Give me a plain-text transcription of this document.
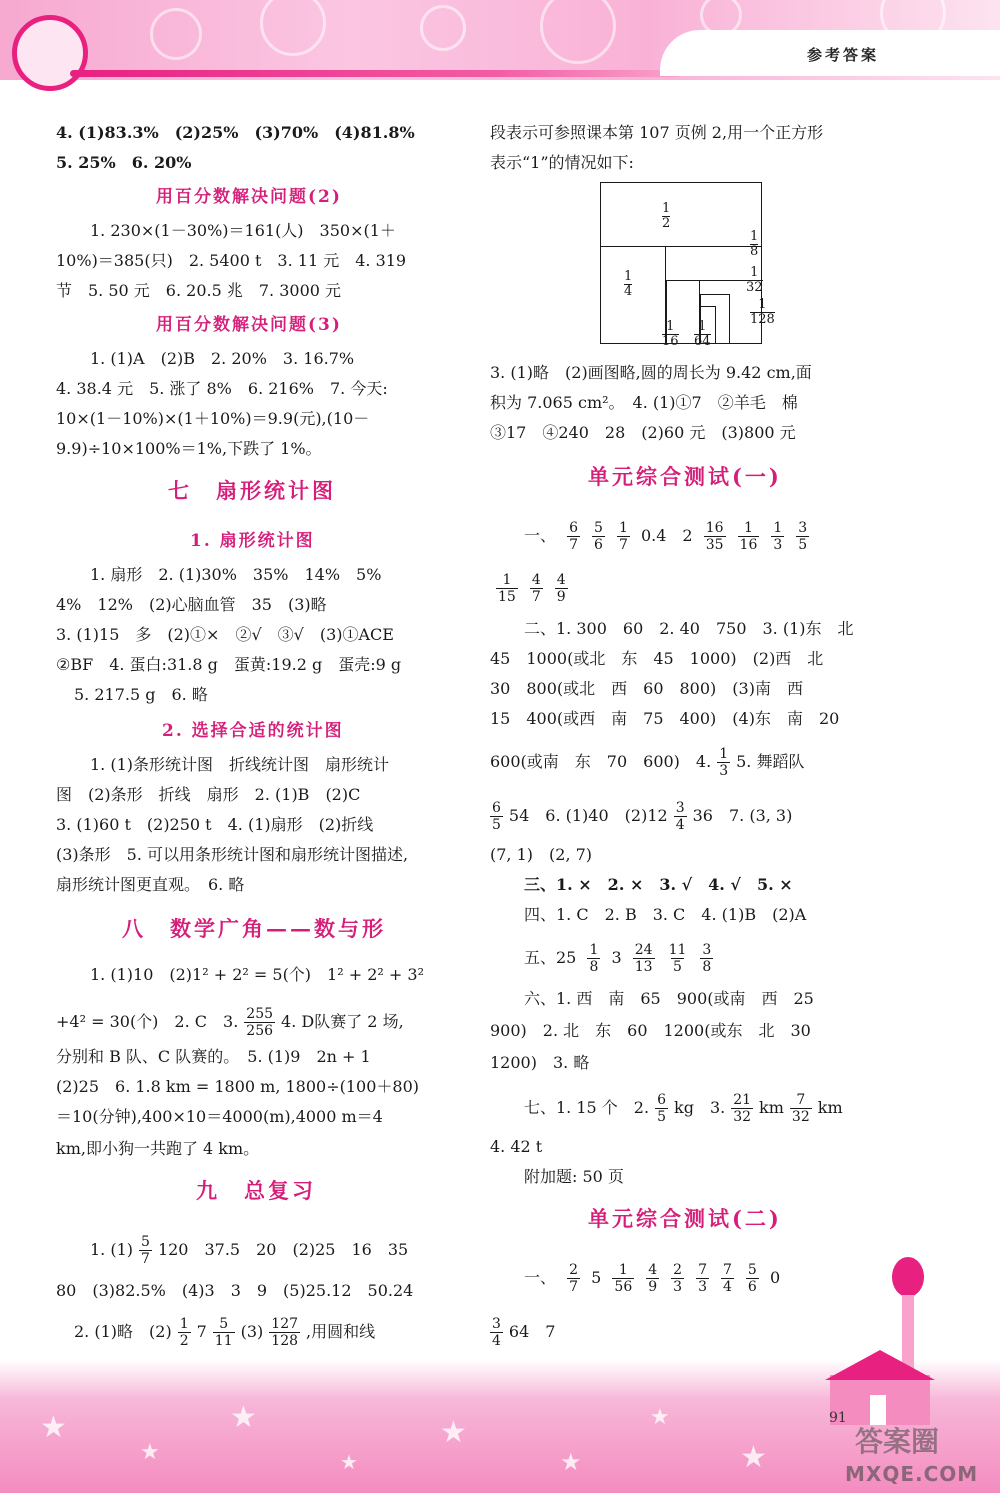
参考答案
4. (1)83.3%　(2)25%　(3)70%　(4)81.8%
5. 25%　6. 20%
用百分数解决问题(2)
1. 230×(1－30%)＝161(人)　350×(1＋
10%)＝385(只)　2. 5400 t　3. 11 元　4. 319
节　5. 50 元　6. 20.5 兆　7. 3000 元
用百分数解决问题(3)
1. (1)A　(2)B　2. 20%　3. 16.7%
4. 38.4 元　5. 涨了 8%　6. 216%　7. 今天:
10×(1－10%)×(1＋10%)＝9.9(元),(10－
9.9)÷10×100%＝1%,下跌了 1%。
七　扇形统计图
1. 扇形统计图
1. 扇形　2. (1)30%　35%　14%　5%
4%　12%　(2)心脑血管　35　(3)略
3. (1)15　多　(2)①×　②√　③√　(3)①ACE
②BF　4. 蛋白:31.8 g　蛋黄:19.2 g　蛋壳:9 g
5. 217.5 g　6. 略
2. 选择合适的统计图
1. (1)条形统计图　折线统计图　扇形统计
图　(2)条形　折线　扇形　2. (1)B　(2)C
3. (1)60 t　(2)250 t　4. (1)扇形　(2)折线
(3)条形　5. 可以用条形统计图和扇形统计图描述,
扇形统计图更直观。　6. 略
八　数学广角——数与形
1. (1)10　(2)1² + 2² = 5(个)　1² + 2² + 3²
+4² = 30(个)　2. C　3. $\frac{255}{256} 4$. D队赛了 2 场,
分别和 B 队、C 队赛的。　5. (1)9　2n + 1
(2)25　6. 1.8 km = 1800 m, 1800÷(100＋80)
＝10(分钟),400×10＝4000(m),4000 m＝4
km,即小狗一共跑了 4 km。
九　总复习
1. $(1) \frac{5}{7} 120$　37.5　20　(2)25　16　35
80　(3)82.5%　(4)3　3　9　(5)25.12　50.24
2. (1)略　$(2) \frac{1}{2} 7 \frac{5}{11} (3) \frac{127}{128}$ ,用圆和线
段表示可参照课本第 107 页例 2,用一个正方形
表示“1”的情况如下:
$\frac{1}{2}$
$\frac{1}{4}$
$\frac{1}{8}$
$\frac{1}{32}$
$\frac{1}{128}$
$\frac{1}{16} \frac{1}{64}$
3. (1)略　(2)画图略,圆的周长为 9.42 cm,面
积为 7.065 cm²。　4. (1)①7　②羊毛　棉
③17　④240　28　(2)60 元　(3)800 元
单元综合测试(一)
一、 $\frac{6}{7} \frac{5}{6} \frac{1}{7} 0.4$　$2 \frac{16}{35} \frac{1}{16} \frac{1}{3} \frac{3}{5}$
$\frac{1}{15} \frac{4}{7} \frac{4}{9}$
二、1. 300　60　2. 40　750　3. (1)东　北
45　1000(或北　东　45　1000)　(2)西　北
30　800(或北　西　60　800)　(3)南　西
15　400(或西　南　75　400)　(4)东　南　20
600(或南　东　70　600)　4. $\frac{1}{3} 5$. 舞蹈队
$\frac{6}{5} 54$　6. (1)40　$(2)12 \frac{3}{4} 36$　7. (3, 3)
(7, 1)　(2, 7)
三、1. ×　2. ×　3. √　4. √　5. ×
四、1. C　2. B　3. C　4. (1)B　(2)A
五、$25 \frac{1}{8} 3 \frac{24}{13} \frac{11}{5} \frac{3}{8}$
六、1. 西　南　65　900(或南　西　25
900)　2. 北　东　60　1200(或东　北　30
1200)　3. 略
七、1. 15 个　2. $\frac{6}{5}$ kg　3. $\frac{21}{32}$ km $\frac{7}{32}$ km
4. 42 t
附加题: 50 页
单元综合测试(二)
一、 $\frac{2}{7} 5 \frac{1}{56} \frac{4}{9} \frac{2}{3} \frac{7}{3} \frac{7}{4} \frac{5}{6} 0$
$\frac{3}{4} 64$　7
★
★
★
★
★
★
★
★
91
答案圈
MXQE.COM
